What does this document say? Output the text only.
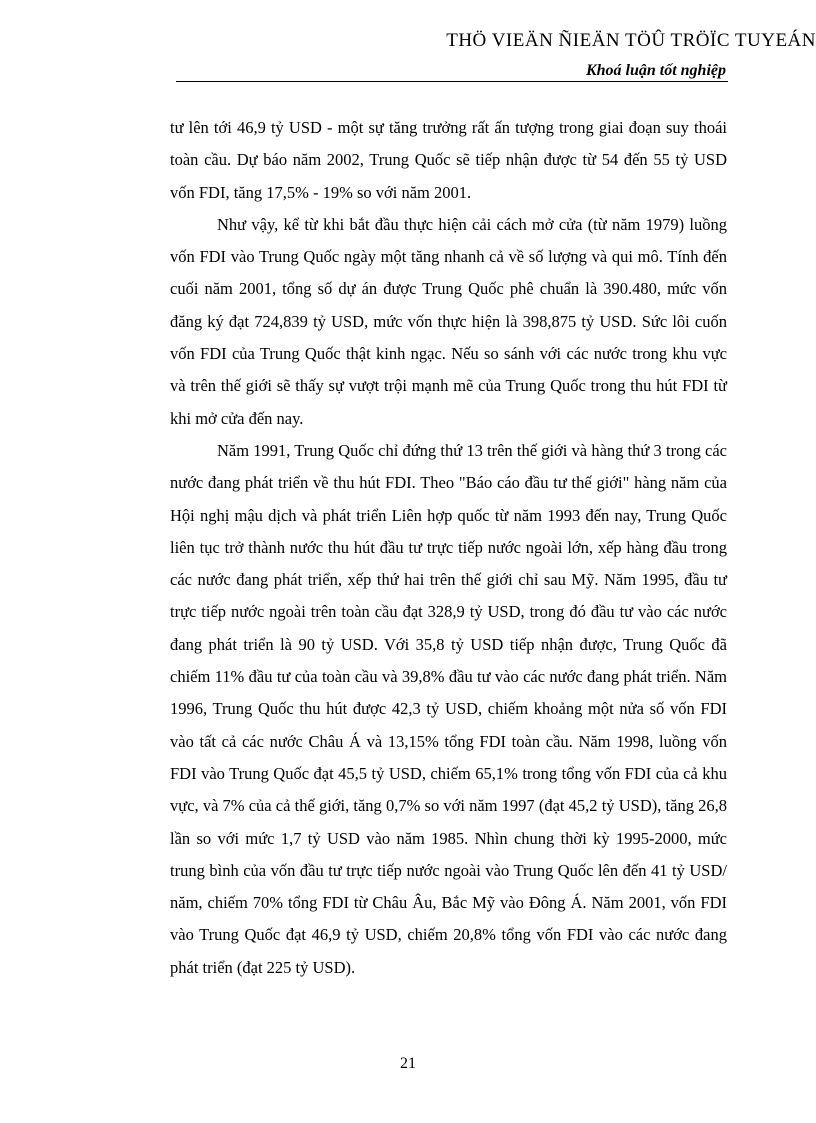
THÖ VIEÄN ÑIEÄN TÖÛ TRÖÏC TUYEÁN
Khoá luận tốt nghiệp

tư lên tới 46,9 tỷ USD - một sự tăng trưởng rất ấn tượng trong giai đoạn suy thoái toàn cầu. Dự báo năm 2002, Trung Quốc sẽ tiếp nhận được từ 54 đến 55 tỷ USD vốn FDI, tăng 17,5% - 19% so với năm 2001.

Như vậy, kể từ khi bắt đầu thực hiện cải cách mở cửa (từ năm 1979) luồng vốn FDI vào Trung Quốc ngày một tăng nhanh cả về số lượng và qui mô. Tính đến cuối năm 2001, tổng số dự án được Trung Quốc phê chuẩn là 390.480, mức vốn đăng ký đạt 724,839 tỷ USD, mức vốn thực hiện là 398,875 tỷ USD. Sức lôi cuốn vốn FDI của Trung Quốc thật kinh ngạc. Nếu so sánh với các nước trong khu vực và trên thế giới sẽ thấy sự vượt trội mạnh mẽ của Trung Quốc trong thu hút FDI từ khi mở cửa đến nay.

Năm 1991, Trung Quốc chỉ đứng thứ 13 trên thế giới và hàng thứ 3 trong các nước đang phát triển về thu hút FDI. Theo "Báo cáo đầu tư thế giới" hàng năm của Hội nghị mậu dịch và phát triển Liên hợp quốc từ năm 1993 đến nay, Trung Quốc liên tục trở thành nước thu hút đầu tư trực tiếp nước ngoài lớn, xếp hàng đầu trong các nước đang phát triển, xếp thứ hai trên thế giới chỉ sau Mỹ. Năm 1995, đầu tư trực tiếp nước ngoài trên toàn cầu đạt 328,9 tỷ USD, trong đó đầu tư vào các nước đang phát triển là 90 tỷ USD. Với 35,8 tỷ USD tiếp nhận được, Trung Quốc đã chiếm 11% đầu tư của toàn cầu và 39,8% đầu tư vào các nước đang phát triển. Năm 1996, Trung Quốc thu hút được 42,3 tỷ USD, chiếm khoảng một nửa số vốn FDI vào tất cả các nước Châu Á và 13,15% tổng FDI toàn cầu. Năm 1998, luồng vốn FDI vào Trung Quốc đạt 45,5 tỷ USD, chiếm 65,1% trong tổng vốn FDI của cả khu vực, và 7% của cả thế giới, tăng 0,7% so với năm 1997 (đạt 45,2 tỷ USD), tăng 26,8 lần so với mức 1,7 tỷ USD vào năm 1985. Nhìn chung thời kỳ 1995-2000, mức trung bình của vốn đầu tư trực tiếp nước ngoài vào Trung Quốc lên đến 41 tỷ USD/ năm, chiếm 70% tổng FDI từ Châu Âu, Bắc Mỹ vào Đông Á. Năm 2001, vốn FDI vào Trung Quốc đạt 46,9 tỷ USD, chiếm 20,8% tổng vốn FDI vào các nước đang phát triển (đạt 225 tỷ USD).

21
